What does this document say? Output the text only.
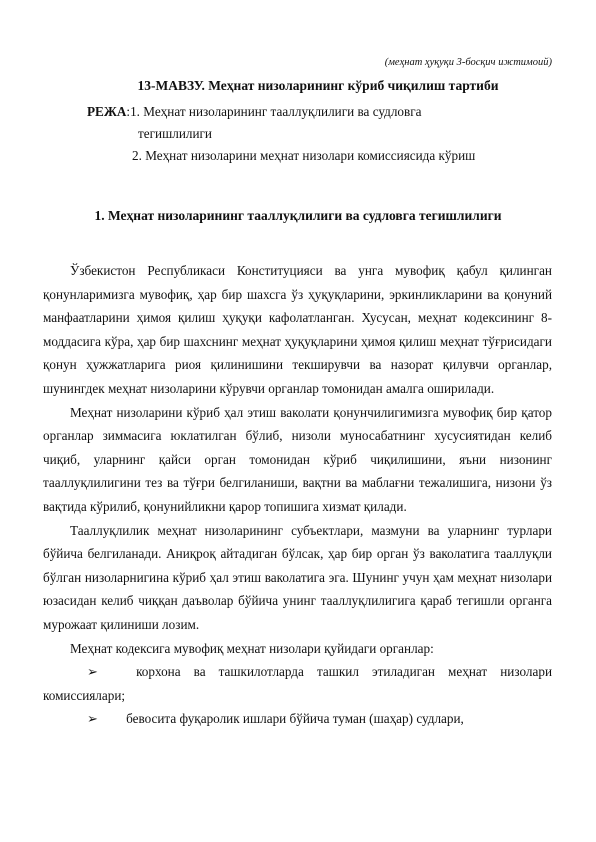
(меҳнат ҳуқуқи 3-босқич ижтимоий)
13-МАВЗУ. Меҳнат низоларининг кўриб чиқилиш тартиби
РЕЖА:1. Меҳнат низоларининг тааллуқлилиги ва судловга
тегишлилиги
2. Меҳнат низоларини меҳнат низолари комиссиясида кўриш
1. Меҳнат низоларининг тааллуқлилиги ва судловга тегишлилиги

Ўзбекистон Республикаси Конституцияси ва унга мувофиқ қабул қилинган қонунларимизга мувофиқ, ҳар бир шахсга ўз ҳуқуқларини, эркинликларини ва қонуний манфаатларини ҳимоя қилиш ҳуқуқи кафолатланган. Хусусан, меҳнат кодексининг 8-моддасига кўра, ҳар бир шахснинг меҳнат ҳуқуқларини ҳимоя қилиш меҳнат тўғрисидаги қонун ҳужжатларига риоя қилинишини текширувчи ва назорат қилувчи органлар, шунингдек меҳнат низоларини кўрувчи органлар томонидан амалга оширилади.

Меҳнат низоларини кўриб ҳал этиш ваколати қонунчилигимизга мувофиқ бир қатор органлар зиммасига юклатилган бўлиб, низоли муносабатнинг хусусиятидан келиб чиқиб, уларнинг қайси орган томонидан кўриб чиқилишини, яъни низонинг тааллуқлилигини тез ва тўғри белгиланиши, вақтни ва маблағни тежалишига, низони ўз вақтида кўрилиб, қонунийликни қарор топишига хизмат қилади.

Тааллуқлилик меҳнат низоларининг субъектлари, мазмуни ва уларнинг турлари бўйича белгиланади. Аниқроқ айтадиган бўлсак, ҳар бир орган ўз ваколатига тааллуқли бўлган низоларнигина кўриб ҳал этиш ваколатига эга. Шунинг учун ҳам меҳнат низолари юзасидан келиб чиққан даъволар бўйича унинг тааллуқлилигига қараб тегишли органга мурожаат қилиниши лозим.

Меҳнат кодексига мувофиқ меҳнат низолари қуйидаги органлар:

➢	корхона ва ташкилотларда ташкил этиладиган меҳнат низолари комиссиялари;

➢ бевосита фуқаролик ишлари бўйича туман (шаҳар) судлари,
